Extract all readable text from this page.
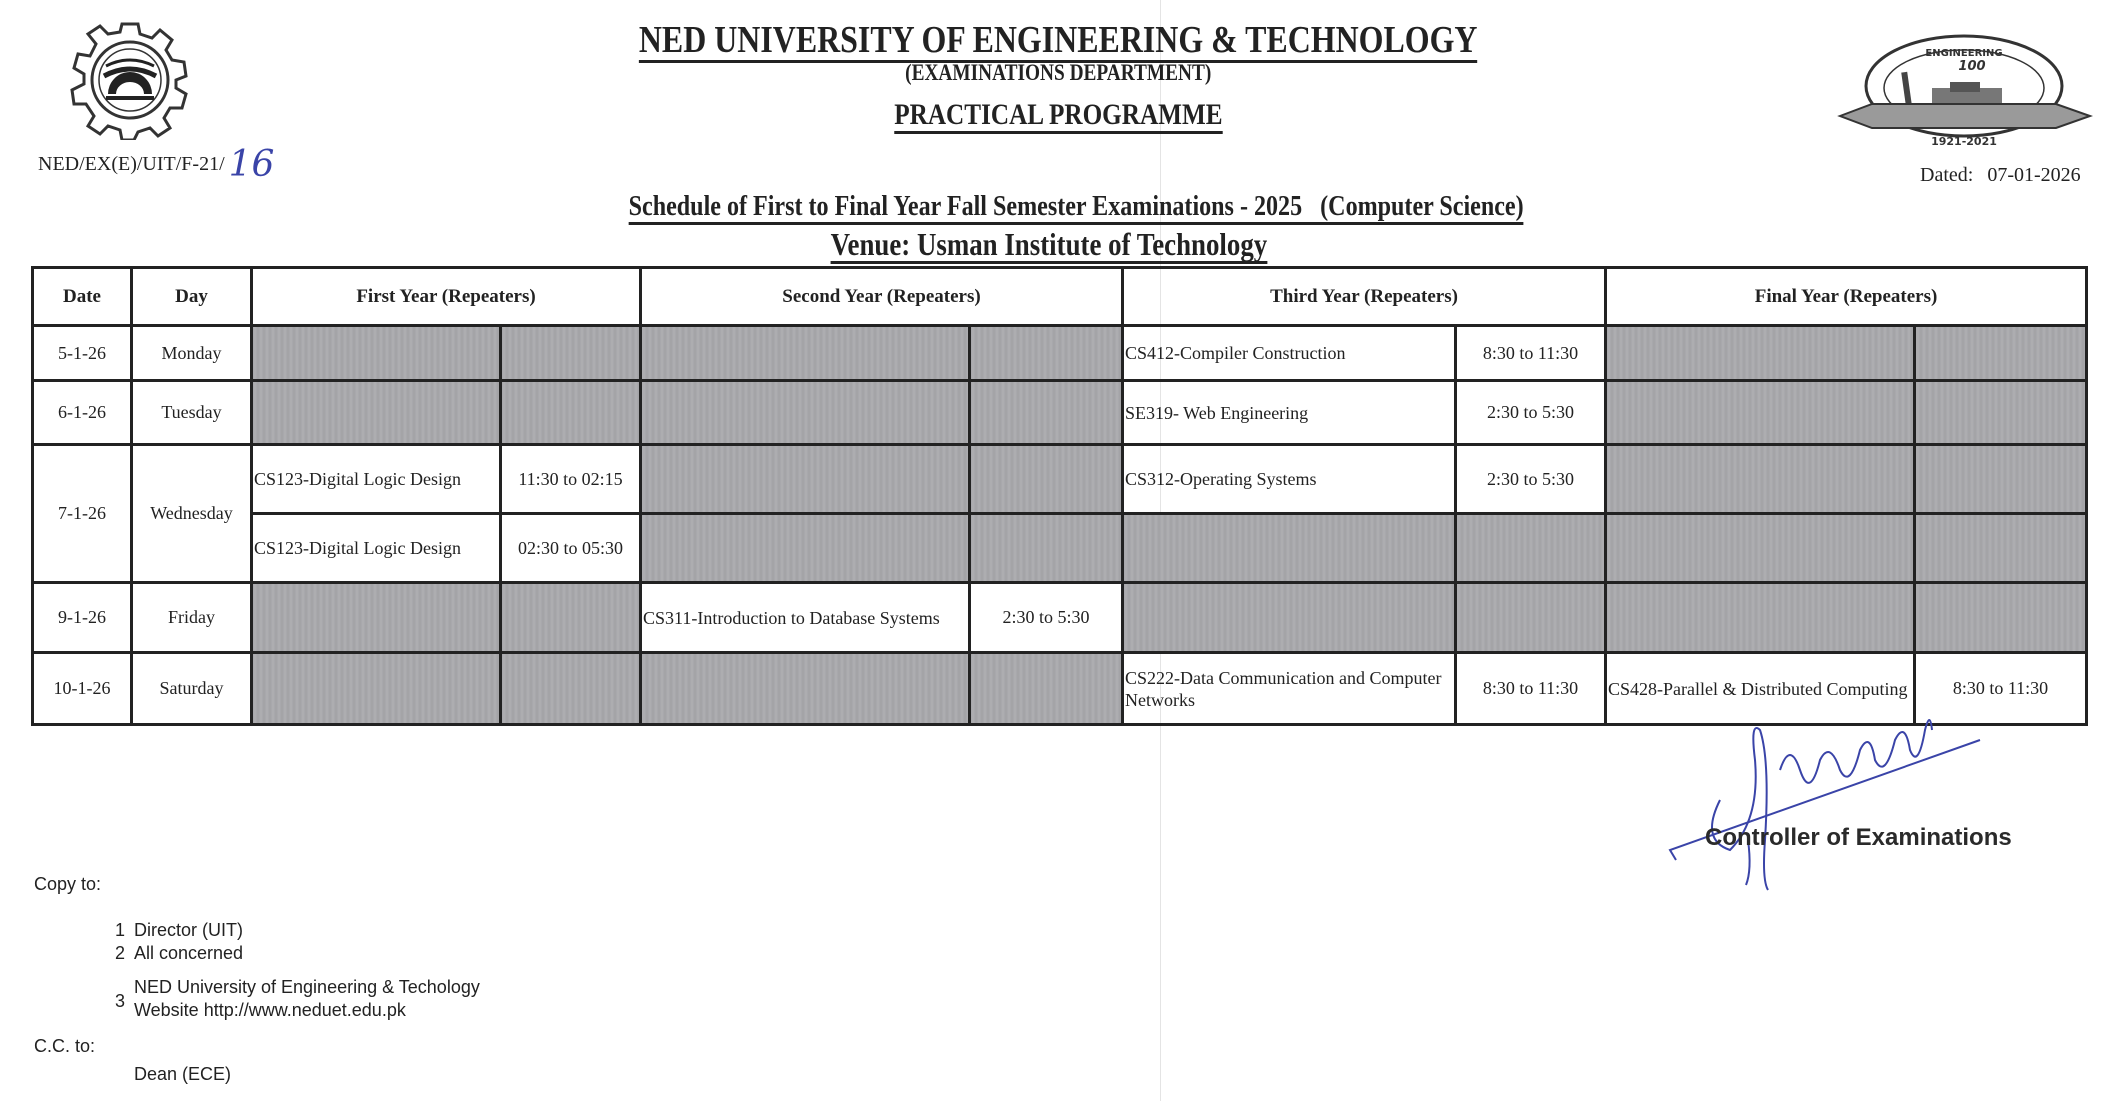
NED/EX(E)/UIT/F-21/ 16
NED UNIVERSITY OF ENGINEERING & TECHNOLOGY
(EXAMINATIONS DEPARTMENT)
PRACTICAL PROGRAMME
ENGINEERING
100
1921-2021
Dated: 07-01-2026
Schedule of First to Final Year Fall Semester Examinations - 2025   (Computer Science)
Venue: Usman Institute of Technology
Date	Day	First Year (Repeaters)		Second Year (Repeaters)		Third Year (Repeaters)		Final Year (Repeaters)	
5-1-26	Monday					CS412-Compiler Construction	8:30 to 11:30		
6-1-26	Tuesday					SE319- Web Engineering	2:30 to 5:30		
7-1-26	Wednesday	CS123-Digital Logic Design	11:30 to 02:15			CS312-Operating Systems	2:30 to 5:30		
		CS123-Digital Logic Design	02:30 to 05:30						
9-1-26	Friday			CS311-Introduction to Database Systems	2:30 to 5:30				
10-1-26	Saturday					CS222-Data Communication and Computer Networks	8:30 to 11:30	CS428-Parallel & Distributed Computing	8:30 to 11:30
Controller of Examinations
Copy to:
1 Director (UIT)
2 All concerned
3
NED University of Engineering & Techology
Website http://www.neduet.edu.pk
C.C. to:
Dean (ECE)
